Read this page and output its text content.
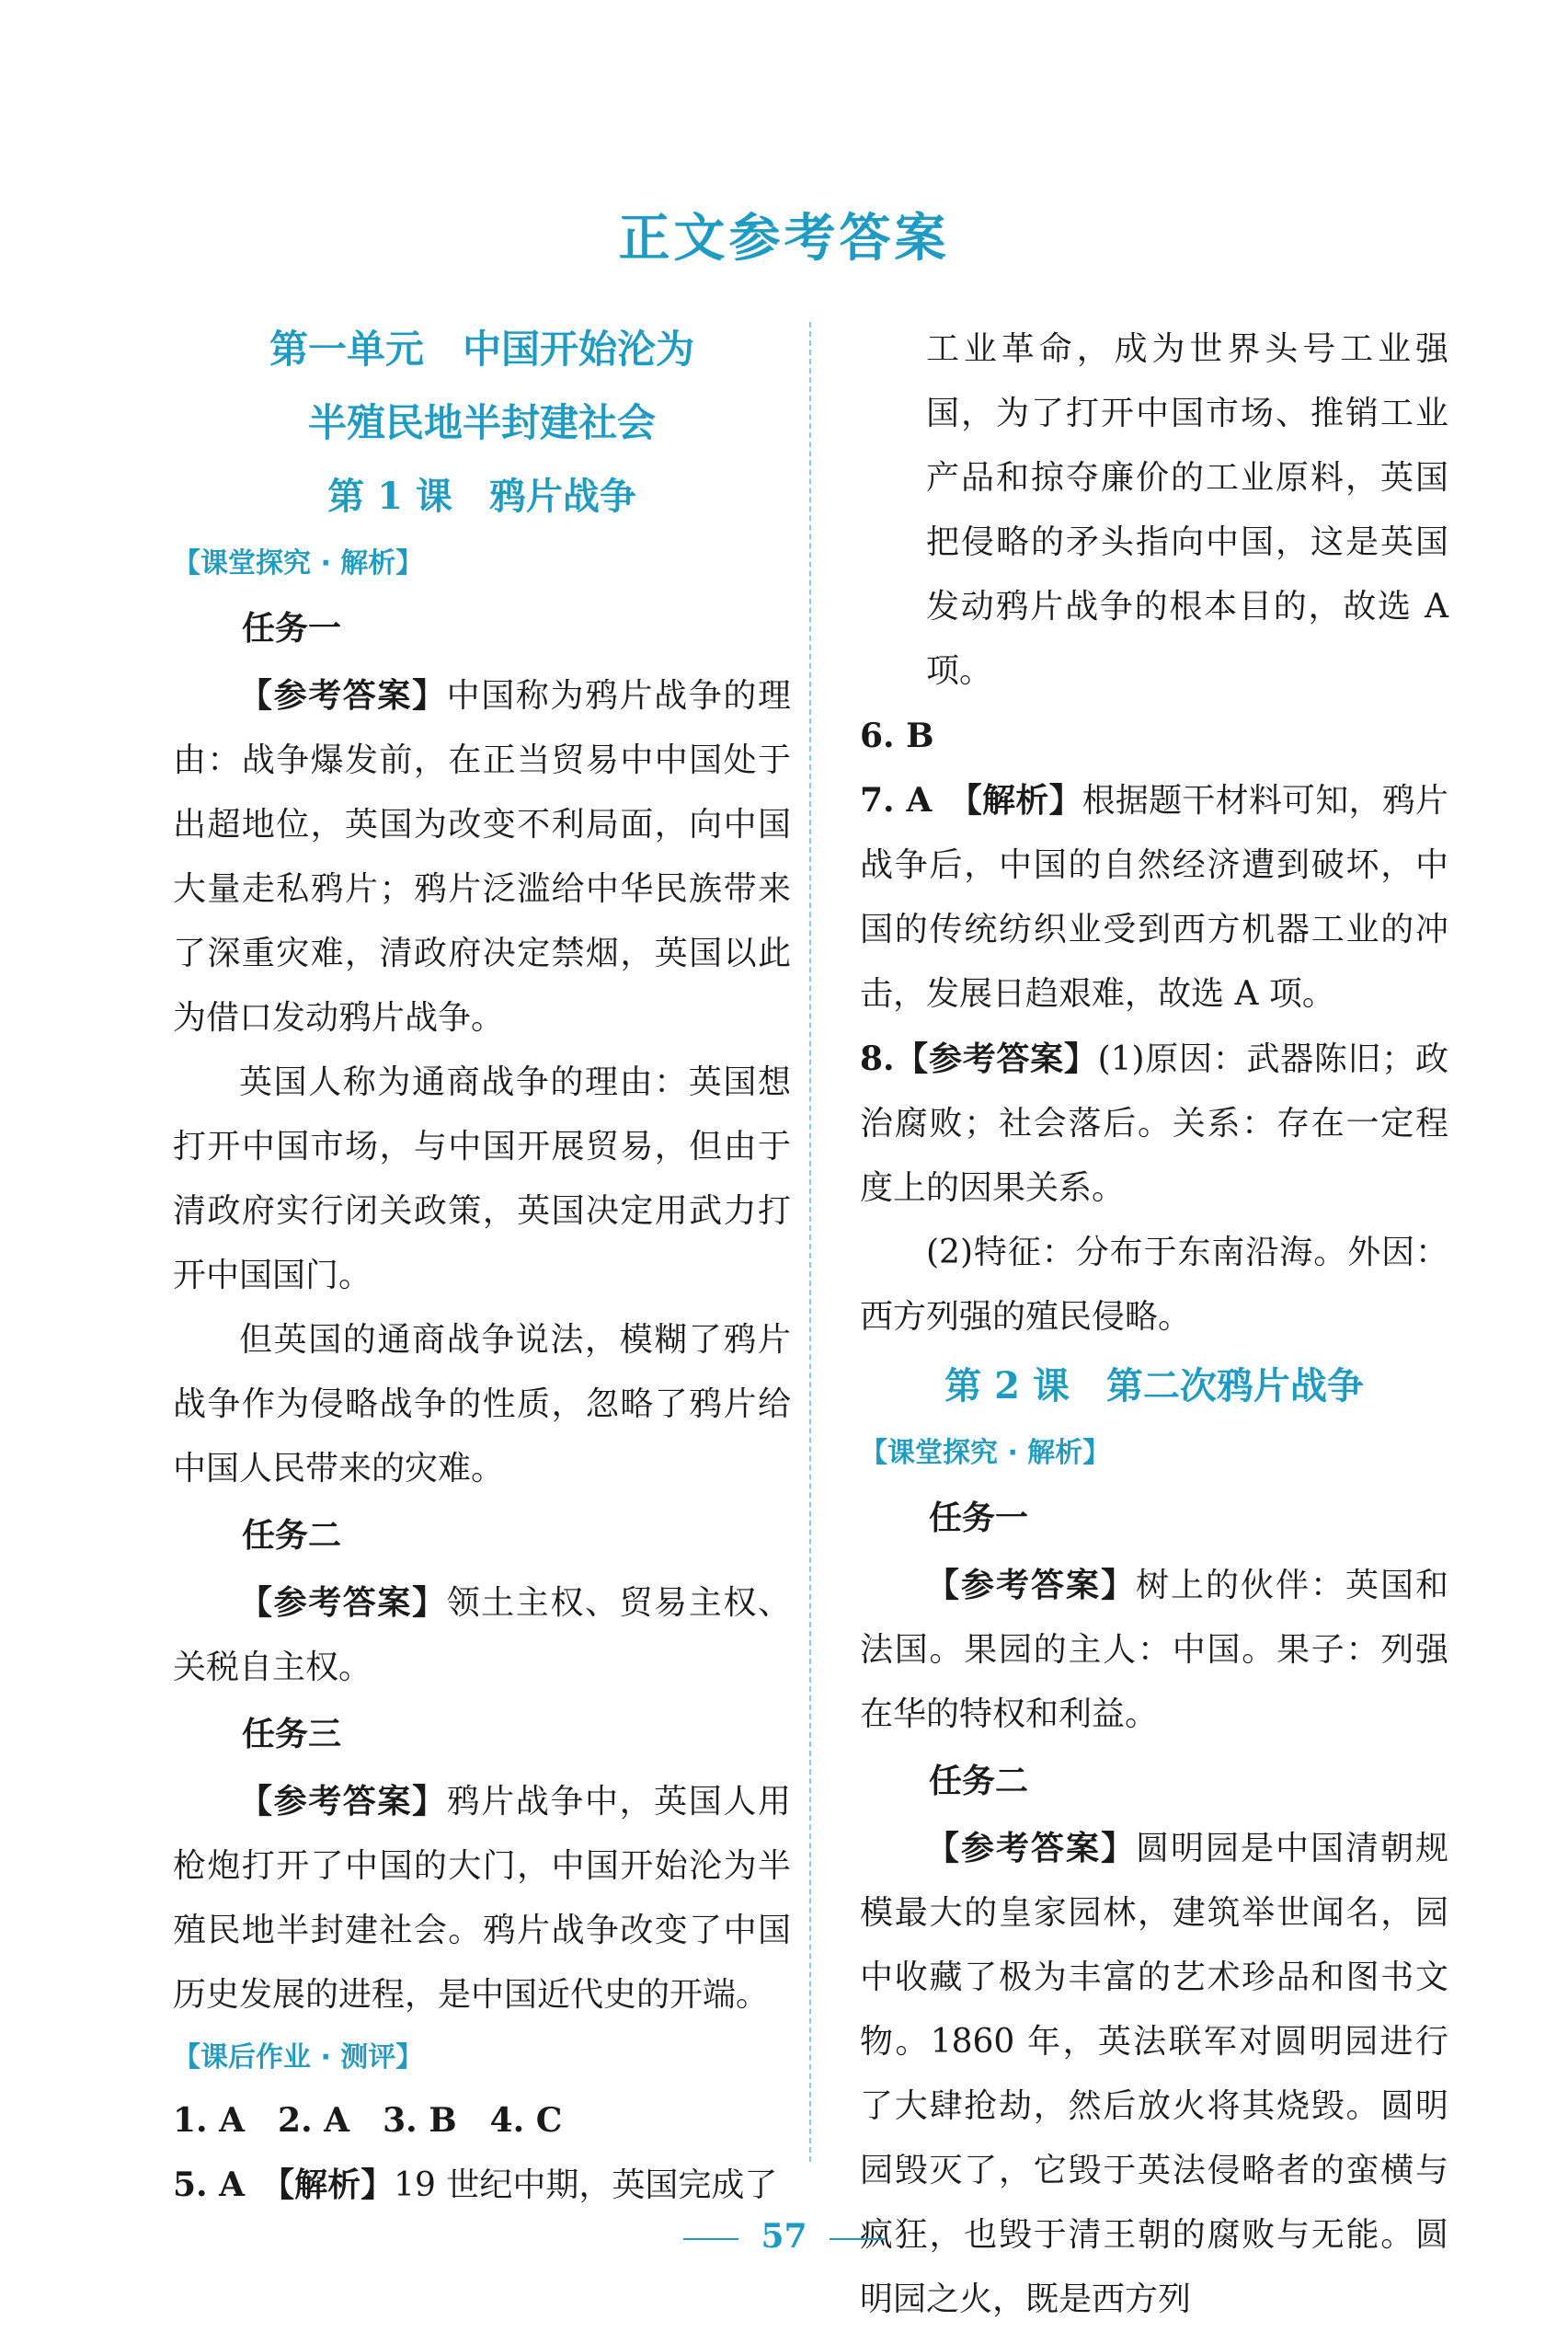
正文参考答案
第一单元　中国开始沦为
半殖民地半封建社会
第 1 课　鸦片战争
【课堂探究 · 解析】
任务一
【参考答案】中国称为鸦片战争的理由：战争爆发前，在正当贸易中中国处于出超地位，英国为改变不利局面，向中国大量走私鸦片；鸦片泛滥给中华民族带来了深重灾难，清政府决定禁烟，英国以此为借口发动鸦片战争。
英国人称为通商战争的理由：英国想打开中国市场，与中国开展贸易，但由于清政府实行闭关政策，英国决定用武力打开中国国门。
但英国的通商战争说法，模糊了鸦片战争作为侵略战争的性质，忽略了鸦片给中国人民带来的灾难。
任务二
【参考答案】领土主权、贸易主权、关税自主权。
任务三
【参考答案】鸦片战争中，英国人用枪炮打开了中国的大门，中国开始沦为半殖民地半封建社会。鸦片战争改变了中国历史发展的进程，是中国近代史的开端。
【课后作业 · 测评】
1. A　2. A　3. B　4. C
5. A　 【解析】19 世纪中期，英国完成了
工业革命，成为世界头号工业强国，为了打开中国市场、推销工业产品和掠夺廉价的工业原料，英国把侵略的矛头指向中国，这是英国发动鸦片战争的根本目的，故选 A 项。
6. B
7. A　 【解析】根据题干材料可知，鸦片战争后，中国的自然经济遭到破坏，中国的传统纺织业受到西方机器工业的冲击，发展日趋艰难，故选 A 项。
8.【参考答案】(1)原因：武器陈旧；政治腐败；社会落后。关系：存在一定程度上的因果关系。
(2)特征：分布于东南沿海。外因：西方列强的殖民侵略。
第 2 课　第二次鸦片战争
【课堂探究 · 解析】
任务一
【参考答案】树上的伙伴：英国和法国。果园的主人：中国。果子：列强在华的特权和利益。
任务二
【参考答案】圆明园是中国清朝规模最大的皇家园林，建筑举世闻名，园中收藏了极为丰富的艺术珍品和图书文物。1860 年，英法联军对圆明园进行了大肆抢劫，然后放火将其烧毁。圆明园毁灭了，它毁于英法侵略者的蛮横与疯狂，也毁于清王朝的腐败与无能。圆明园之火，既是西方列
57
